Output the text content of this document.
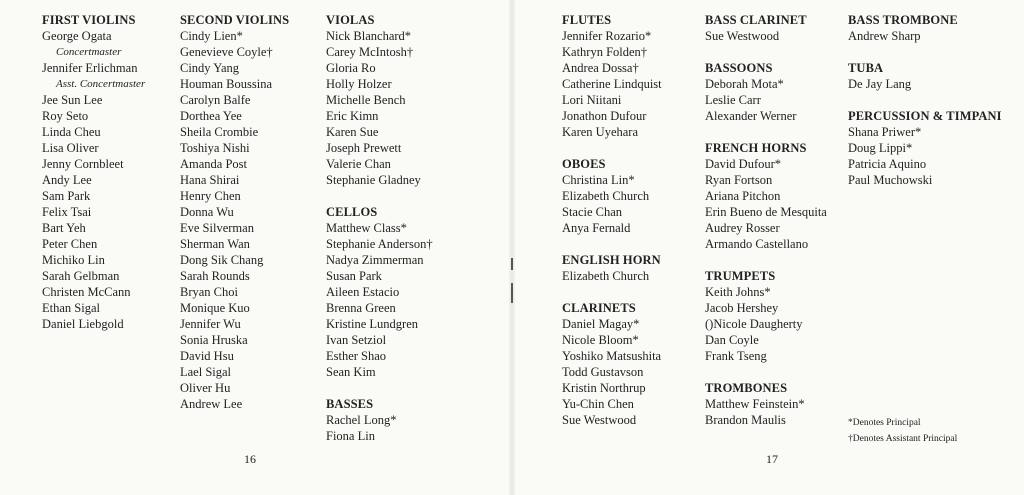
FIRST VIOLINS
George Ogata
Concertmaster
Jennifer Erlichman
Asst. Concertmaster
Jee Sun Lee
Roy Seto
Linda Cheu
Lisa Oliver
Jenny Cornbleet
Andy Lee
Sam Park
Felix Tsai
Bart Yeh
Peter Chen
Michiko Lin
Sarah Gelbman
Christen McCann
Ethan Sigal
Daniel Liebgold
SECOND VIOLINS
Cindy Lien*
Genevieve Coyle†
Cindy Yang
Houman Boussina
Carolyn Balfe
Dorthea Yee
Sheila Crombie
Toshiya Nishi
Amanda Post
Hana Shirai
Henry Chen
Donna Wu
Eve Silverman
Sherman Wan
Dong Sik Chang
Sarah Rounds
Bryan Choi
Monique Kuo
Jennifer Wu
Sonia Hruska
David Hsu
Lael Sigal
Oliver Hu
Andrew Lee
VIOLAS
Nick Blanchard*
Carey McIntosh†
Gloria Ro
Holly Holzer
Michelle Bench
Eric Kimn
Karen Sue
Joseph Prewett
Valerie Chan
Stephanie Gladney
CELLOS
Matthew Class*
Stephanie Anderson†
Nadya Zimmerman
Susan Park
Aileen Estacio
Brenna Green
Kristine Lundgren
Ivan Setziol
Esther Shao
Sean Kim
BASSES
Rachel Long*
Fiona Lin
16
FLUTES
Jennifer Rozario*
Kathryn Folden†
Andrea Dossa†
Catherine Lindquist
Lori Niitani
Jonathon Dufour
Karen Uyehara
OBOES
Christina Lin*
Elizabeth Church
Stacie Chan
Anya Fernald
ENGLISH HORN
Elizabeth Church
CLARINETS
Daniel Magay*
Nicole Bloom*
Yoshiko Matsushita
Todd Gustavson
Kristin Northrup
Yu-Chin Chen
Sue Westwood
BASS CLARINET
Sue Westwood
BASSOONS
Deborah Mota*
Leslie Carr
Alexander Werner
FRENCH HORNS
David Dufour*
Ryan Fortson
Ariana Pitchon
Erin Bueno de Mesquita
Audrey Rosser
Armando Castellano
TRUMPETS
Keith Johns*
Jacob Hershey
()Nicole Daugherty
Dan Coyle
Frank Tseng
TROMBONES
Matthew Feinstein*
Brandon Maulis
BASS TROMBONE
Andrew Sharp
TUBA
De Jay Lang
PERCUSSION & TIMPANI
Shana Priwer*
Doug Lippi*
Patricia Aquino
Paul Muchowski
17
*Denotes Principal
†Denotes Assistant Principal
